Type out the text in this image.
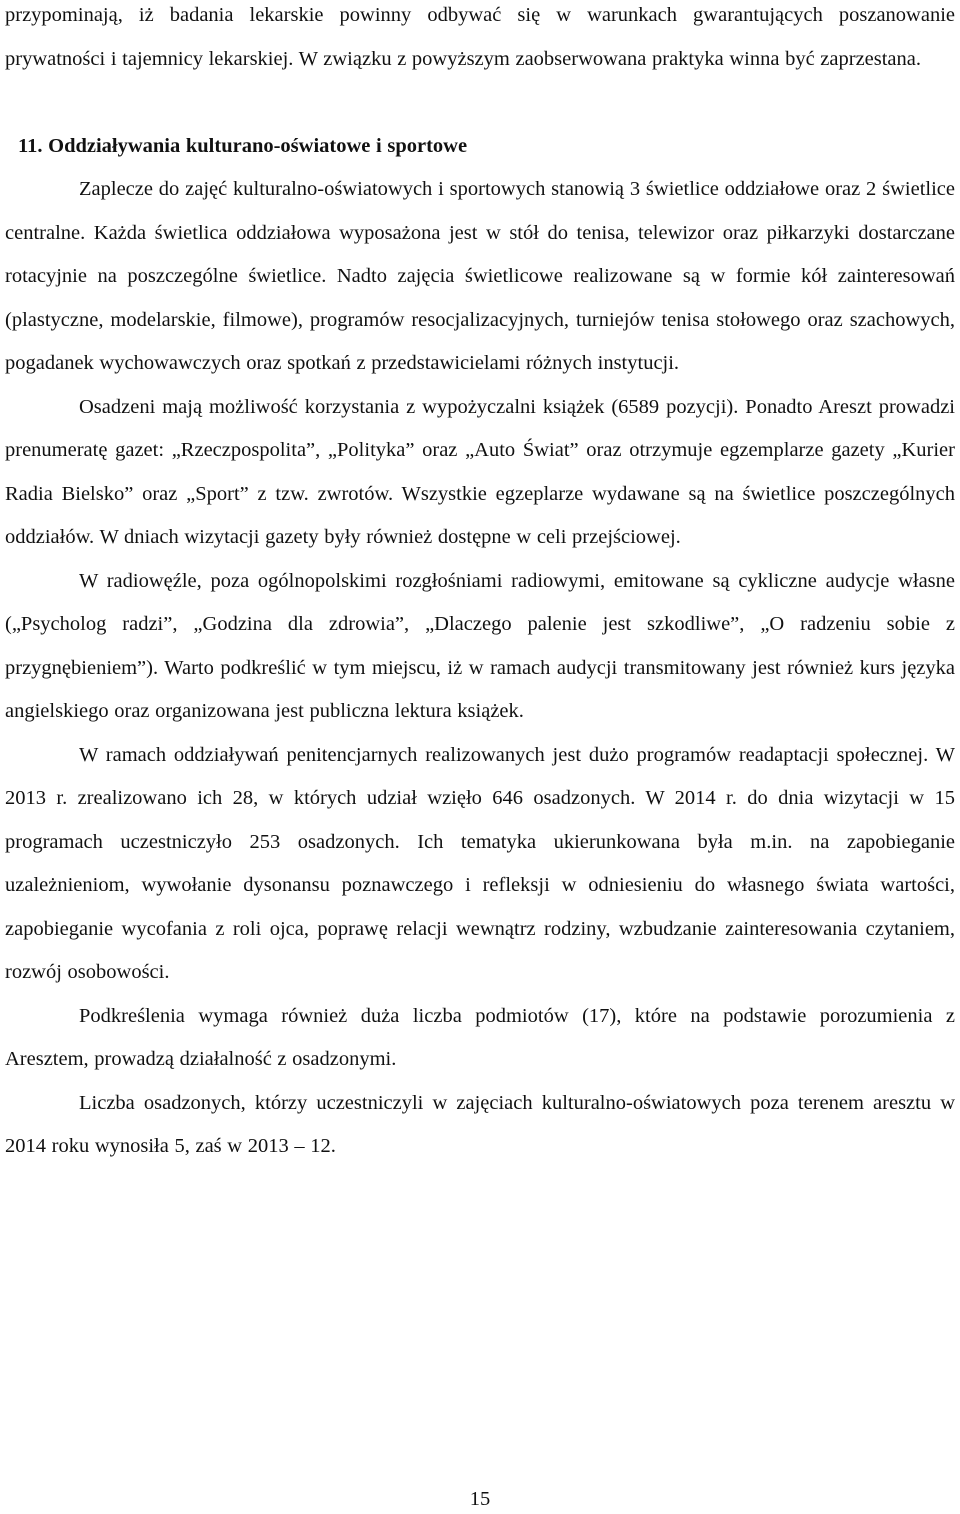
przypominają, iż badania lekarskie powinny odbywać się w warunkach gwarantujących poszanowanie prywatności i tajemnicy lekarskiej. W związku z powyższym zaobserwowana praktyka winna być zaprzestana.

11. Oddziaływania kulturano-oświatowe i sportowe

Zaplecze do zajęć kulturalno-oświatowych i sportowych stanowią 3 świetlice oddziałowe oraz 2 świetlice centralne. Każda świetlica oddziałowa wyposażona jest w stół do tenisa, telewizor oraz piłkarzyki dostarczane rotacyjnie na poszczególne świetlice. Nadto zajęcia świetlicowe realizowane są w formie kół zainteresowań (plastyczne, modelarskie, filmowe), programów resocjalizacyjnych, turniejów tenisa stołowego oraz szachowych, pogadanek wychowawczych oraz spotkań z przedstawicielami różnych instytucji.

Osadzeni mają możliwość korzystania z wypożyczalni książek (6589 pozycji). Ponadto Areszt prowadzi prenumeratę gazet: „Rzeczpospolita”, „Polityka” oraz „Auto Świat” oraz otrzymuje egzemplarze gazety „Kurier Radia Bielsko” oraz „Sport” z tzw. zwrotów. Wszystkie egzeplarze wydawane są na świetlice poszczególnych oddziałów. W dniach wizytacji gazety były również dostępne w celi przejściowej.

W radiowęźle, poza ogólnopolskimi rozgłośniami radiowymi, emitowane są cykliczne audycje własne („Psycholog radzi”, „Godzina dla zdrowia”, „Dlaczego palenie jest szkodliwe”, „O radzeniu sobie z przygnębieniem”). Warto podkreślić w tym miejscu, iż w ramach audycji transmitowany jest również kurs języka angielskiego oraz organizowana jest publiczna lektura książek.

W ramach oddziaływań penitencjarnych realizowanych jest dużo programów readaptacji społecznej. W 2013 r. zrealizowano ich 28, w których udział wzięło 646 osadzonych. W 2014 r. do dnia wizytacji w 15 programach uczestniczyło 253 osadzonych. Ich tematyka ukierunkowana była m.in. na zapobieganie uzależnieniom, wywołanie dysonansu poznawczego i refleksji w odniesieniu do własnego świata wartości, zapobieganie wycofania z roli ojca, poprawę relacji wewnątrz rodziny, wzbudzanie zainteresowania czytaniem, rozwój osobowości.

Podkreślenia wymaga również duża liczba podmiotów (17), które na podstawie porozumienia z Aresztem, prowadzą działalność z osadzonymi.

Liczba osadzonych, którzy uczestniczyli w zajęciach kulturalno-oświatowych poza terenem aresztu w 2014 roku wynosiła 5, zaś w 2013 – 12.

15
